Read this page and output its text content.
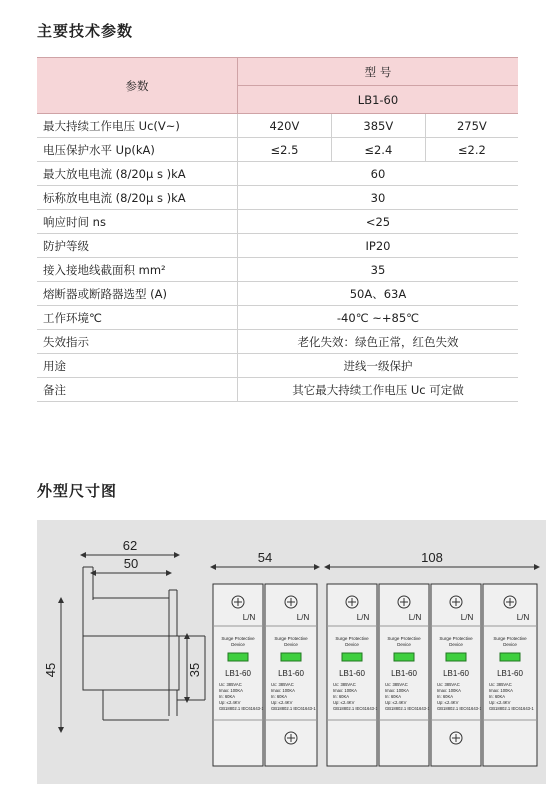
主要技术参数
参数	型 号		
	LB1-60		
最大持续工作电压 Uc(V~)	420V	385V	275V
电压保护水平 Up(kA)	≤2.5	≤2.4	≤2.2
最大放电电流 (8/20μ s )kA	60		
标称放电电流 (8/20μ s )kA	30		
响应时间 ns	<25		
防护等级	IP20		
接入接地线截面积 mm²	35		
熔断器或断路器选型 (A)	50A、63A		
工作环境℃	-40℃ ~+85℃		
失效指示	老化失效：绿色正常，红色失效		
用途	进线一级保护		
备注	其它最大持续工作电压 Uc 可定做		
外型尺寸图
62
50
45	35
54	108
L/N
Surge Protective
Device
LB1-60
Uc: 385VAC
Imax: 100KA
In: 60KA
Up: ≤2.4KV
GB18802.1 IEC61643-1
L/N
Surge Protective
Device
LB1-60
Uc: 385VAC
Imax: 100KA
In: 60KA
Up: ≤2.4KV
GB18802.1 IEC61643-1
L/N
Surge Protective
Device
LB1-60
Uc: 385VAC
Imax: 100KA
In: 60KA
Up: ≤2.4KV
GB18802.1 IEC61643-1
L/N
Surge Protective
Device
LB1-60
Uc: 385VAC
Imax: 100KA
In: 60KA
Up: ≤2.4KV
GB18802.1 IEC61643-1
L/N
Surge Protective
Device
LB1-60
Uc: 385VAC
Imax: 100KA
In: 60KA
Up: ≤2.4KV
GB18802.1 IEC61643-1
L/N
Surge Protective
Device
LB1-60
Uc: 385VAC
Imax: 100KA
In: 60KA
Up: ≤2.4KV
GB18802.1 IEC61643-1
